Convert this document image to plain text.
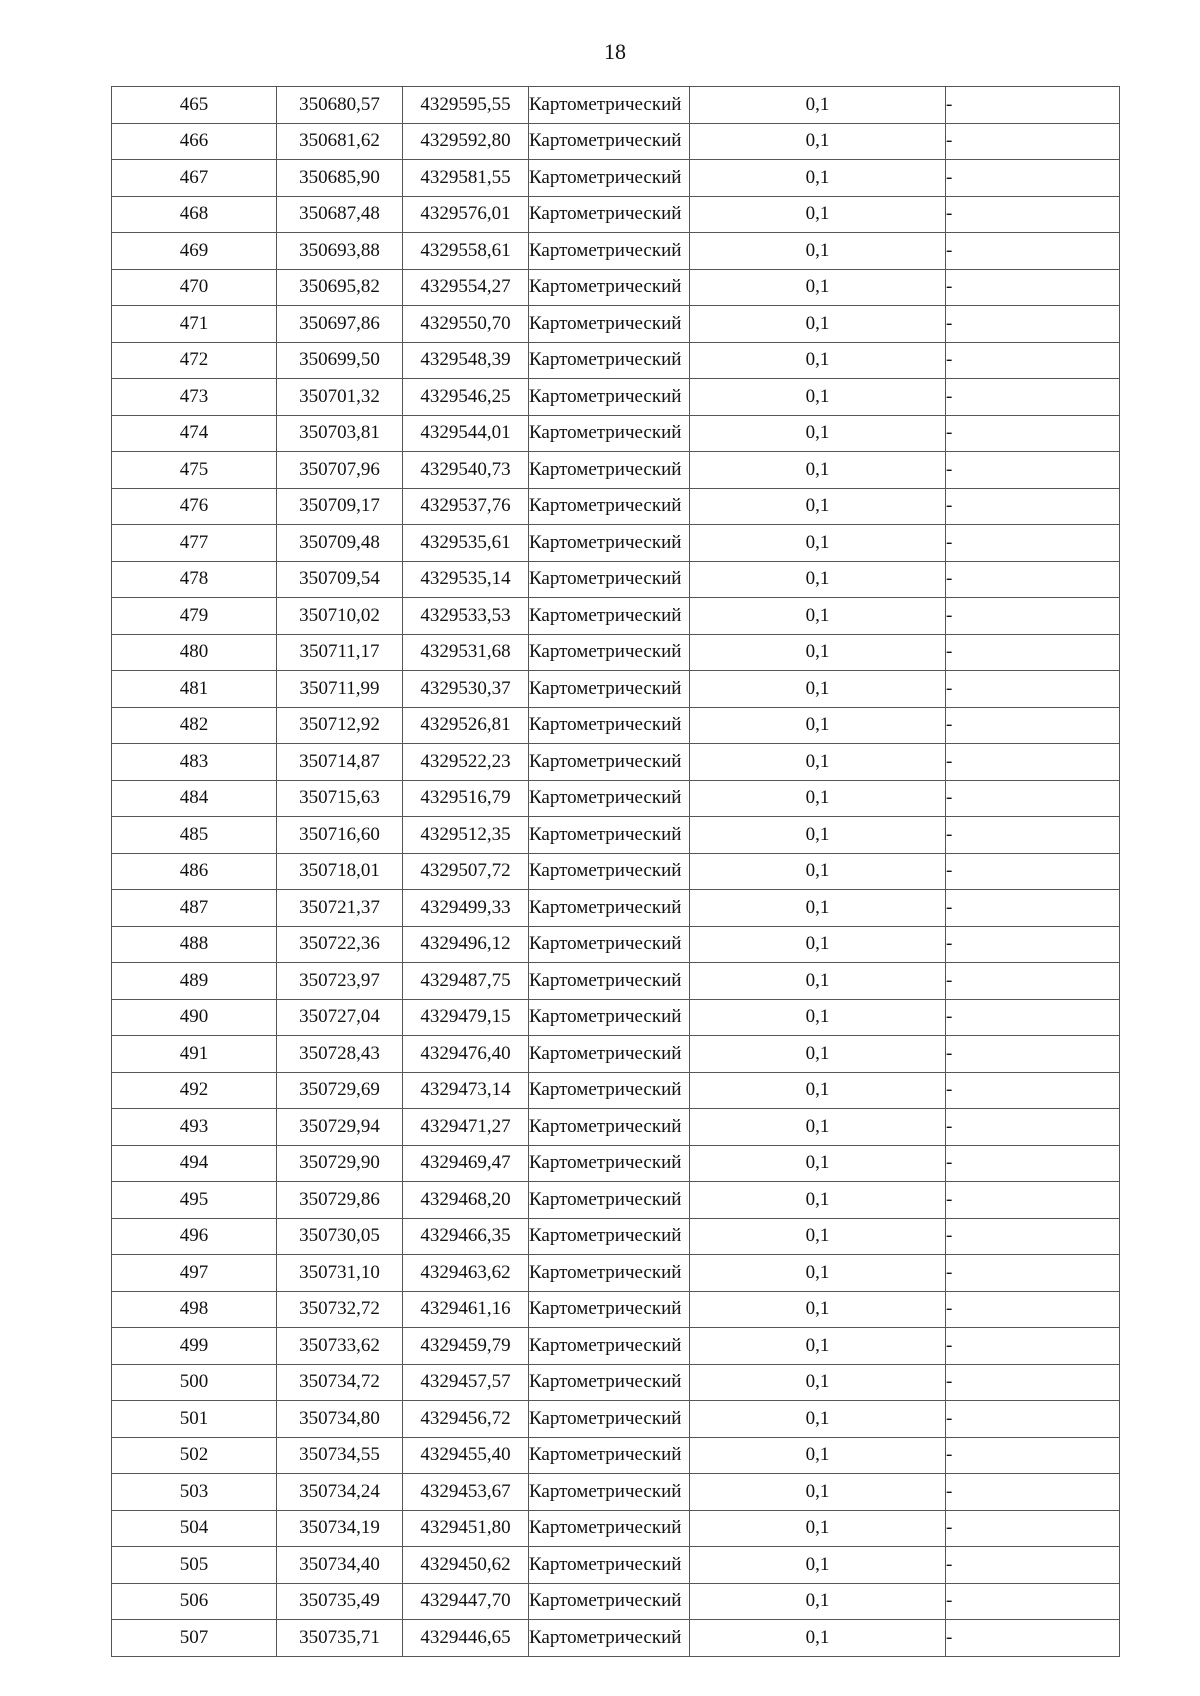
18
465	350680,57	4329595,55	Картометрический	0,1	-
466	350681,62	4329592,80	Картометрический	0,1	-
467	350685,90	4329581,55	Картометрический	0,1	-
468	350687,48	4329576,01	Картометрический	0,1	-
469	350693,88	4329558,61	Картометрический	0,1	-
470	350695,82	4329554,27	Картометрический	0,1	-
471	350697,86	4329550,70	Картометрический	0,1	-
472	350699,50	4329548,39	Картометрический	0,1	-
473	350701,32	4329546,25	Картометрический	0,1	-
474	350703,81	4329544,01	Картометрический	0,1	-
475	350707,96	4329540,73	Картометрический	0,1	-
476	350709,17	4329537,76	Картометрический	0,1	-
477	350709,48	4329535,61	Картометрический	0,1	-
478	350709,54	4329535,14	Картометрический	0,1	-
479	350710,02	4329533,53	Картометрический	0,1	-
480	350711,17	4329531,68	Картометрический	0,1	-
481	350711,99	4329530,37	Картометрический	0,1	-
482	350712,92	4329526,81	Картометрический	0,1	-
483	350714,87	4329522,23	Картометрический	0,1	-
484	350715,63	4329516,79	Картометрический	0,1	-
485	350716,60	4329512,35	Картометрический	0,1	-
486	350718,01	4329507,72	Картометрический	0,1	-
487	350721,37	4329499,33	Картометрический	0,1	-
488	350722,36	4329496,12	Картометрический	0,1	-
489	350723,97	4329487,75	Картометрический	0,1	-
490	350727,04	4329479,15	Картометрический	0,1	-
491	350728,43	4329476,40	Картометрический	0,1	-
492	350729,69	4329473,14	Картометрический	0,1	-
493	350729,94	4329471,27	Картометрический	0,1	-
494	350729,90	4329469,47	Картометрический	0,1	-
495	350729,86	4329468,20	Картометрический	0,1	-
496	350730,05	4329466,35	Картометрический	0,1	-
497	350731,10	4329463,62	Картометрический	0,1	-
498	350732,72	4329461,16	Картометрический	0,1	-
499	350733,62	4329459,79	Картометрический	0,1	-
500	350734,72	4329457,57	Картометрический	0,1	-
501	350734,80	4329456,72	Картометрический	0,1	-
502	350734,55	4329455,40	Картометрический	0,1	-
503	350734,24	4329453,67	Картометрический	0,1	-
504	350734,19	4329451,80	Картометрический	0,1	-
505	350734,40	4329450,62	Картометрический	0,1	-
506	350735,49	4329447,70	Картометрический	0,1	-
507	350735,71	4329446,65	Картометрический	0,1	-
